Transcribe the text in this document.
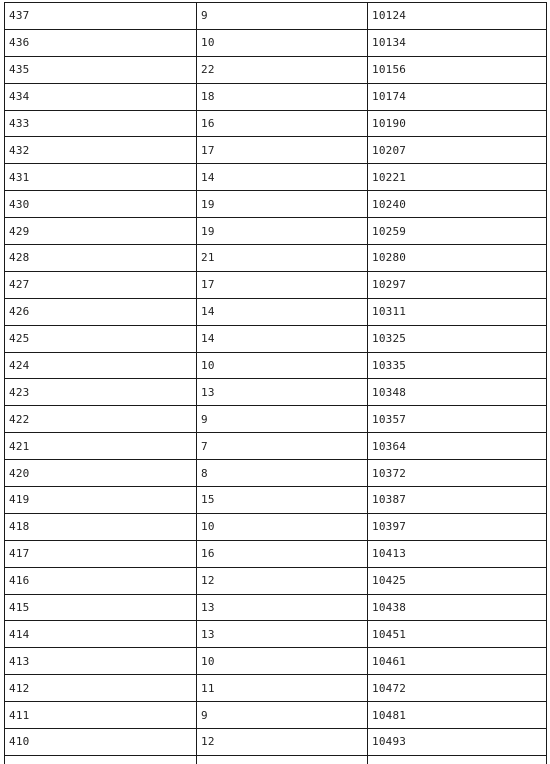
437	9	10124
436	10	10134
435	22	10156
434	18	10174
433	16	10190
432	17	10207
431	14	10221
430	19	10240
429	19	10259
428	21	10280
427	17	10297
426	14	10311
425	14	10325
424	10	10335
423	13	10348
422	9	10357
421	7	10364
420	8	10372
419	15	10387
418	10	10397
417	16	10413
416	12	10425
415	13	10438
414	13	10451
413	10	10461
412	11	10472
411	9	10481
410	12	10493
